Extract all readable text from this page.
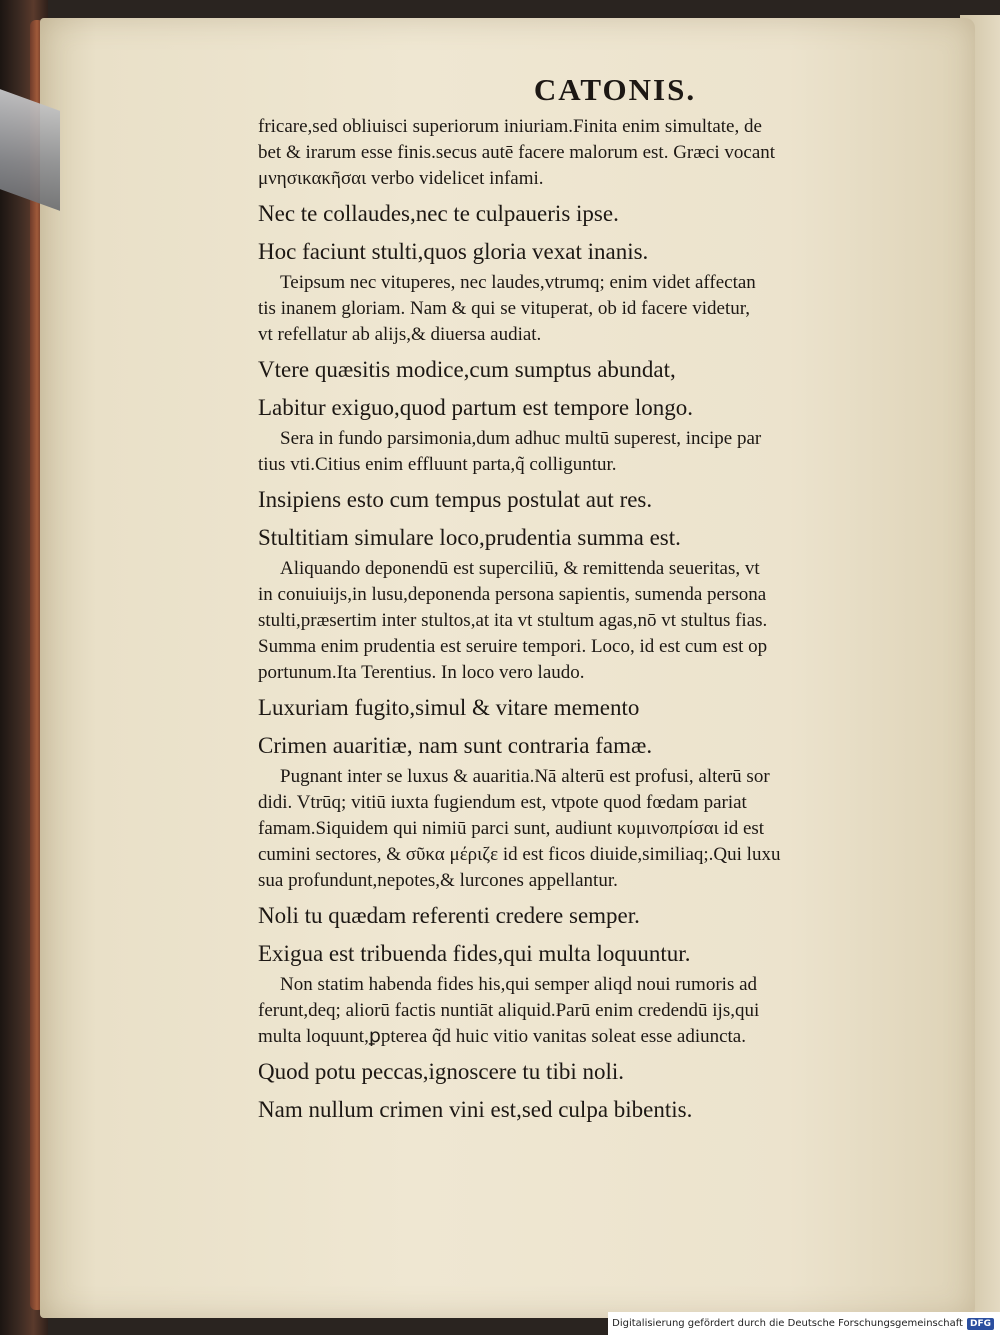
CATONIS.
fricare,sed obliuisci superiorum iniuriam.Finita enim simultate, de
bet & irarum esse finis.secus autē facere malorum est. Græci vocant
μνησικακῆσαι verbo videlicet infami.
Nec te collaudes,nec te culpaueris ipse.
Hoc faciunt stulti,quos gloria vexat inanis.
Teipsum nec vituperes, nec laudes,vtrumq; enim videt affectan
tis inanem gloriam. Nam & qui se vituperat, ob id facere videtur,
vt refellatur ab alijs,& diuersa audiat.
Vtere quæsitis modice,cum sumptus abundat,
Labitur exiguo,quod partum est tempore longo.
Sera in fundo parsimonia,dum adhuc multū superest, incipe par
tius vti.Citius enim effluunt parta,q̃ colliguntur.
Insipiens esto cum tempus postulat aut res.
Stultitiam simulare loco,prudentia summa est.
Aliquando deponendū est superciliū, & remittenda seueritas, vt
in conuiuijs,in lusu,deponenda persona sapientis, sumenda persona
stulti,præsertim inter stultos,at ita vt stultum agas,nō vt stultus fias.
Summa enim prudentia est seruire tempori. Loco, id est cum est op
portunum.Ita Terentius. In loco vero laudo.
Luxuriam fugito,simul & vitare memento
Crimen auaritiæ, nam sunt contraria famæ.
Pugnant inter se luxus & auaritia.Nā alterū est profusi, alterū sor
didi. Vtrūq; vitiū iuxta fugiendum est, vtpote quod fœdam pariat
famam.Siquidem qui nimiū parci sunt, audiunt κυμινοπρίσαι id est
cumini sectores, & σῦκα μέριζε id est ficos diuide,similiaq;.Qui luxu
sua profundunt,nepotes,& lurcones appellantur.
Noli tu quædam referenti credere semper.
Exigua est tribuenda fides,qui multa loquuntur.
Non statim habenda fides his,qui semper aliqd noui rumoris ad
ferunt,deq; aliorū factis nuntiāt aliquid.Parū enim credendū ijs,qui
multa loquunt,ꝑpterea q̃d huic vitio vanitas soleat esse adiuncta.
Quod potu peccas,ignoscere tu tibi noli.
Nam nullum crimen vini est,sed culpa bibentis.
Digitalisierung gefördert durch die Deutsche Forschungsgemeinschaft DFG
